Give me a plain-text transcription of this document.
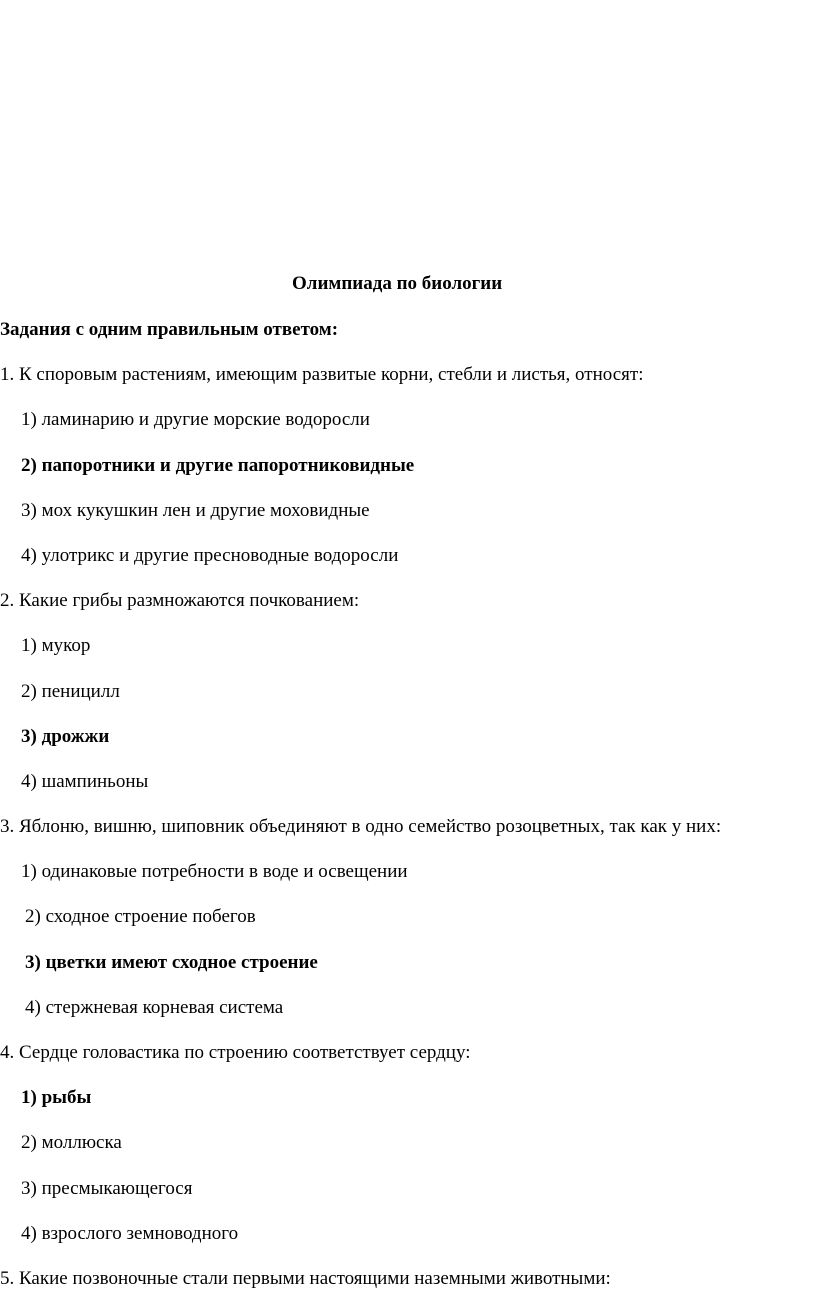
Олимпиада по биологии
Задания с одним правильным ответом:
1. К споровым растениям, имеющим развитые корни, стебли и листья, относят:
1) ламинарию и другие морские водоросли
2) папоротники и другие папоротниковидные
3) мох кукушкин лен и другие моховидные
4) улотрикс и другие пресноводные водоросли
2. Какие грибы размножаются почкованием:
1) мукор
2) пеницилл
3) дрожжи
4) шампиньоны
3. Яблоню, вишню, шиповник объединяют в одно семейство розоцветных, так как у них:
1) одинаковые потребности в воде и освещении
2) сходное строение побегов
3) цветки имеют сходное строение
4) стержневая корневая система
4. Сердце головастика по строению соответствует сердцу:
1) рыбы
2) моллюска
3) пресмыкающегося
4) взрослого земноводного
5. Какие позвоночные стали первыми настоящими наземными животными:
